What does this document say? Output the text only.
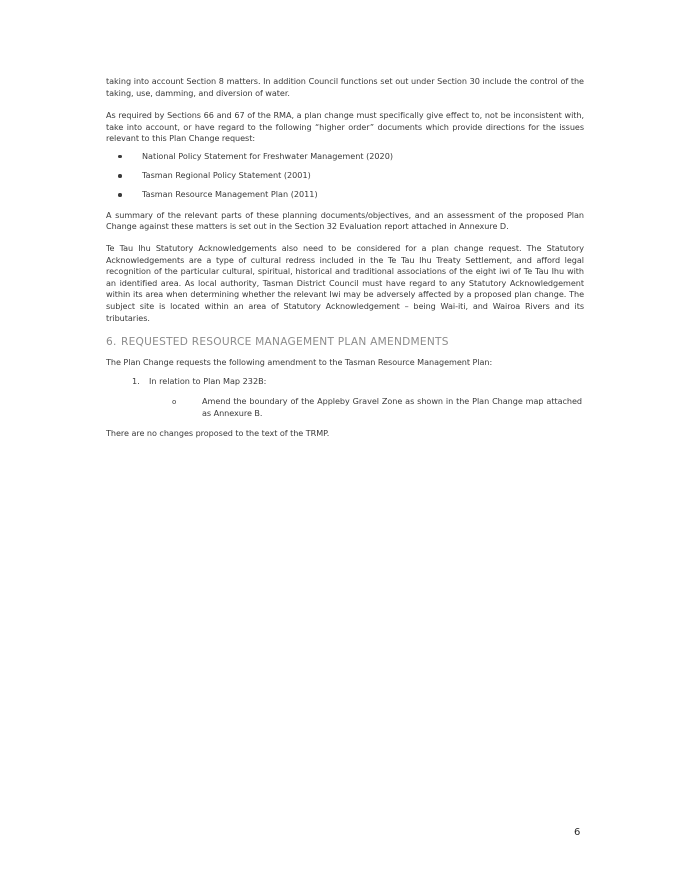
taking into account Section 8 matters. In addition Council functions set out under Section 30 include the control of the taking, use, damming, and diversion of water.

As required by Sections 66 and 67 of the RMA, a plan change must specifically give effect to, not be inconsistent with, take into account, or have regard to the following “higher order” documents which provide directions for the issues relevant to this Plan Change request:

National Policy Statement for Freshwater Management (2020)
Tasman Regional Policy Statement (2001)
Tasman Resource Management Plan (2011)

A summary of the relevant parts of these planning documents/objectives, and an assessment of the proposed Plan Change against these matters is set out in the Section 32 Evaluation report attached in Annexure D.

Te Tau Ihu Statutory Acknowledgements also need to be considered for a plan change request. The Statutory Acknowledgements are a type of cultural redress included in the Te Tau Ihu Treaty Settlement, and afford legal recognition of the particular cultural, spiritual, historical and traditional associations of the eight iwi of Te Tau Ihu with an identified area. As local authority, Tasman District Council must have regard to any Statutory Acknowledgement within its area when determining whether the relevant Iwi may be adversely affected by a proposed plan change. The subject site is located within an area of Statutory Acknowledgement – being Wai-iti, and Wairoa Rivers and its tributaries.

6. REQUESTED RESOURCE MANAGEMENT PLAN AMENDMENTS

The Plan Change requests the following amendment to the Tasman Resource Management Plan:

1. In relation to Plan Map 232B:
o	Amend the boundary of the Appleby Gravel Zone as shown in the Plan Change map attached as Annexure B.

There are no changes proposed to the text of the TRMP.

6
